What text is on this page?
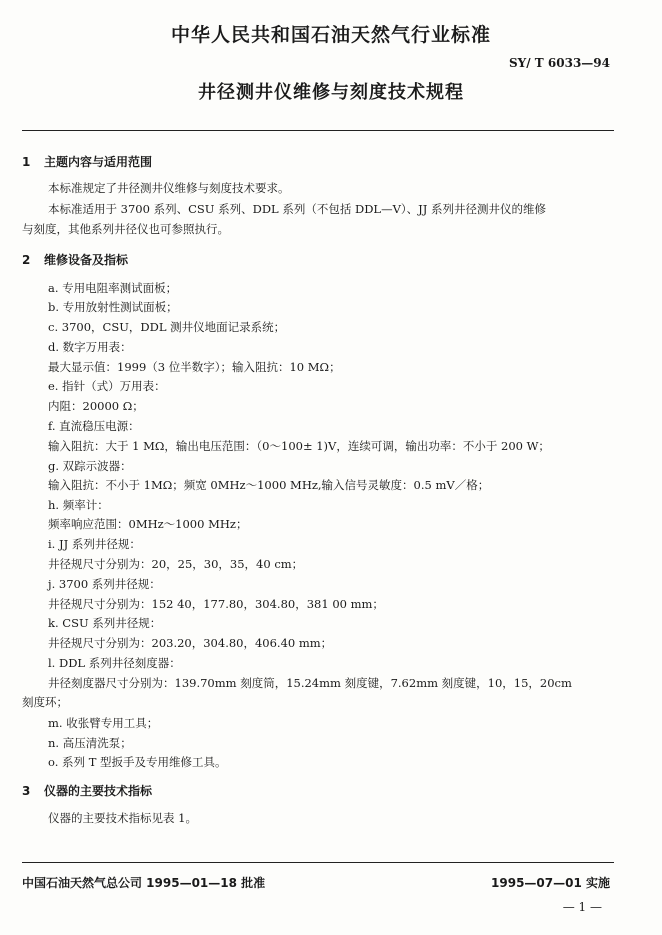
中华人民共和国石油天然气行业标准
SY/ T 6033—94
井径测井仪维修与刻度技术规程
1 主题内容与适用范围
本标准规定了井径测井仪维修与刻度技术要求。
本标准适用于 3700 系列、CSU 系列、DDL 系列（不包括 DDL—V）、JJ 系列井径测井仪的维修
与刻度，其他系列井径仪也可参照执行。
2 维修设备及指标
a. 专用电阻率测试面板；
b. 专用放射性测试面板；
c. 3700，CSU，DDL 测井仪地面记录系统；
d. 数字万用表：
最大显示值：1999（3 位半数字）；输入阻抗：10 MΩ；
e. 指针（式）万用表：
内阻：20000 Ω；
f. 直流稳压电源：
输入阻抗：大于 1 MΩ，输出电压范围：（0～100± 1)V，连续可调，输出功率：不小于 200 W；
g. 双踪示波器：
输入阻抗：不小于 1MΩ；频宽 0MHz～1000 MHz,输入信号灵敏度：0.5 mV／格；
h. 频率计：
频率响应范围：0MHz～1000 MHz；
i. JJ 系列井径规：
井径规尺寸分别为：20，25，30，35，40 cm；
j. 3700 系列井径规：
井径规尺寸分别为：152 40，177.80，304.80，381 00 mm；
k. CSU 系列井径规：
井径规尺寸分别为：203.20，304.80，406.40 mm；
l. DDL 系列井径刻度器：
井径刻度器尺寸分别为：139.70mm 刻度筒，15.24mm 刻度键，7.62mm 刻度键，10，15，20cm
刻度环；
m. 收张臂专用工具；
n. 高压清洗泵；
o. 系列 T 型扳手及专用维修工具。
3 仪器的主要技术指标
仪器的主要技术指标见表 1。
中国石油天然气总公司 1995—01—18 批准	1995—07—01 实施
— 1 —
